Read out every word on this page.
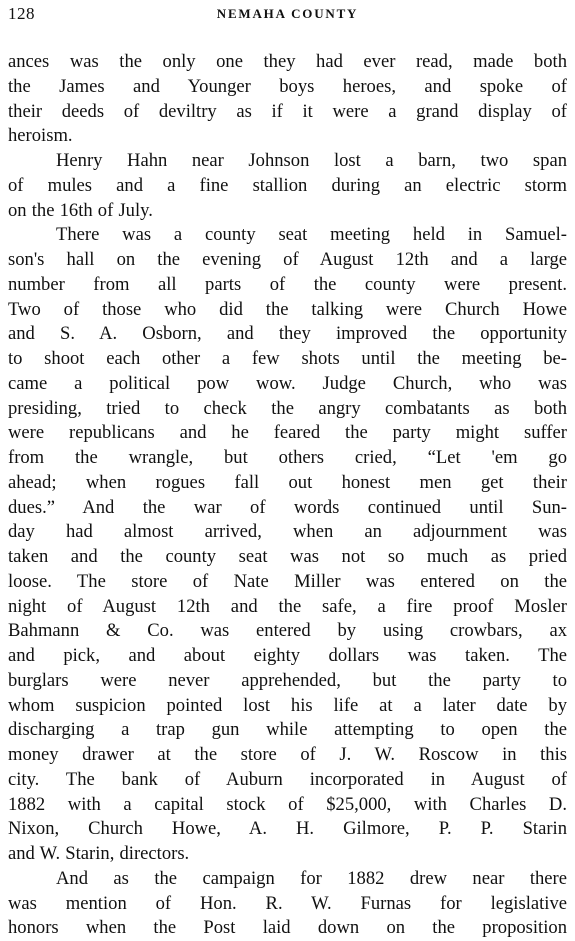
128	NEMAHA COUNTY
ances was the only one they had ever read, made both
the James and Younger boys heroes, and spoke of
their deeds of deviltry as if it were a grand display of
heroism.
Henry Hahn near Johnson lost a barn, two span
of mules and a fine stallion during an electric storm
on the 16th of July.
There was a county seat meeting held in Samuel-
son's hall on the evening of August 12th and a large
number from all parts of the county were present.
Two of those who did the talking were Church Howe
and S. A. Osborn, and they improved the opportunity
to shoot each other a few shots until the meeting be-
came a political pow wow. Judge Church, who was
presiding, tried to check the angry combatants as both
were republicans and he feared the party might suffer
from the wrangle, but others cried, “Let 'em go
ahead; when rogues fall out honest men get their
dues.” And the war of words continued until Sun-
day had almost arrived, when an adjournment was
taken and the county seat was not so much as pried
loose. The store of Nate Miller was entered on the
night of August 12th and the safe, a fire proof Mosler
Bahmann & Co. was entered by using crowbars, ax
and pick, and about eighty dollars was taken. The
burglars were never apprehended, but the party to
whom suspicion pointed lost his life at a later date by
discharging a trap gun while attempting to open the
money drawer at the store of J. W. Roscow in this
city. The bank of Auburn incorporated in August of
1882 with a capital stock of $25,000, with Charles D.
Nixon, Church Howe, A. H. Gilmore, P. P. Starin
and W. Starin, directors.
And as the campaign for 1882 drew near there
was mention of Hon. R. W. Furnas for legislative
honors when the Post laid down on the proposition
